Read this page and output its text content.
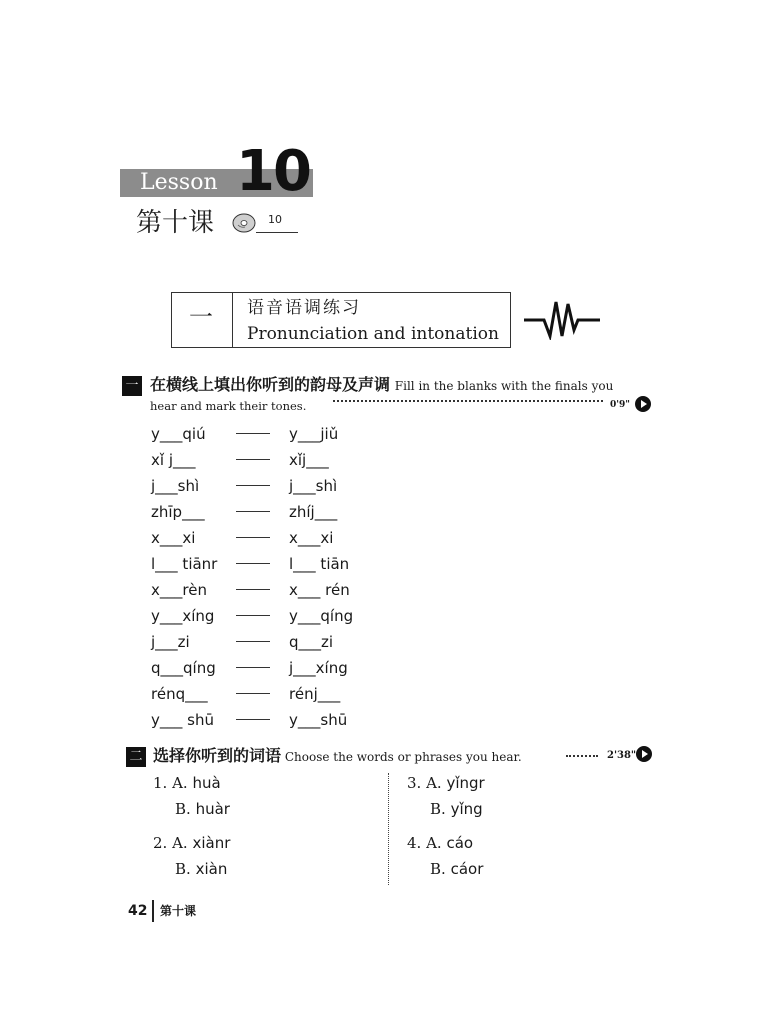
Lesson 10
第十课	10
一 语音语调练习
Pronunciation and intonation
一 在横线上填出你听到的韵母及声调 Fill in the blanks with the finals you
hear and mark their tones.	0'9"
y___qiú	y___jiǔ
xǐ j___	xǐj___
j___shì	j___shì
zhīp___	zhíj___
x___xi	x___xi
l___ tiānr	l___ tiān
x___rèn	x___ rén
y___xíng	y___qíng
j___zi	q___zi
q___qíng	j___xíng
rénq___	rénj___
y___ shū	y___shū
二 选择你听到的词语 Choose the words or phrases you hear.	2'38"
1. A. huà
B. huàr
2. A. xiànr
B. xiàn
3. A. yǐngr
B. yǐng
4. A. cáo
B. cáor
42 第十课
